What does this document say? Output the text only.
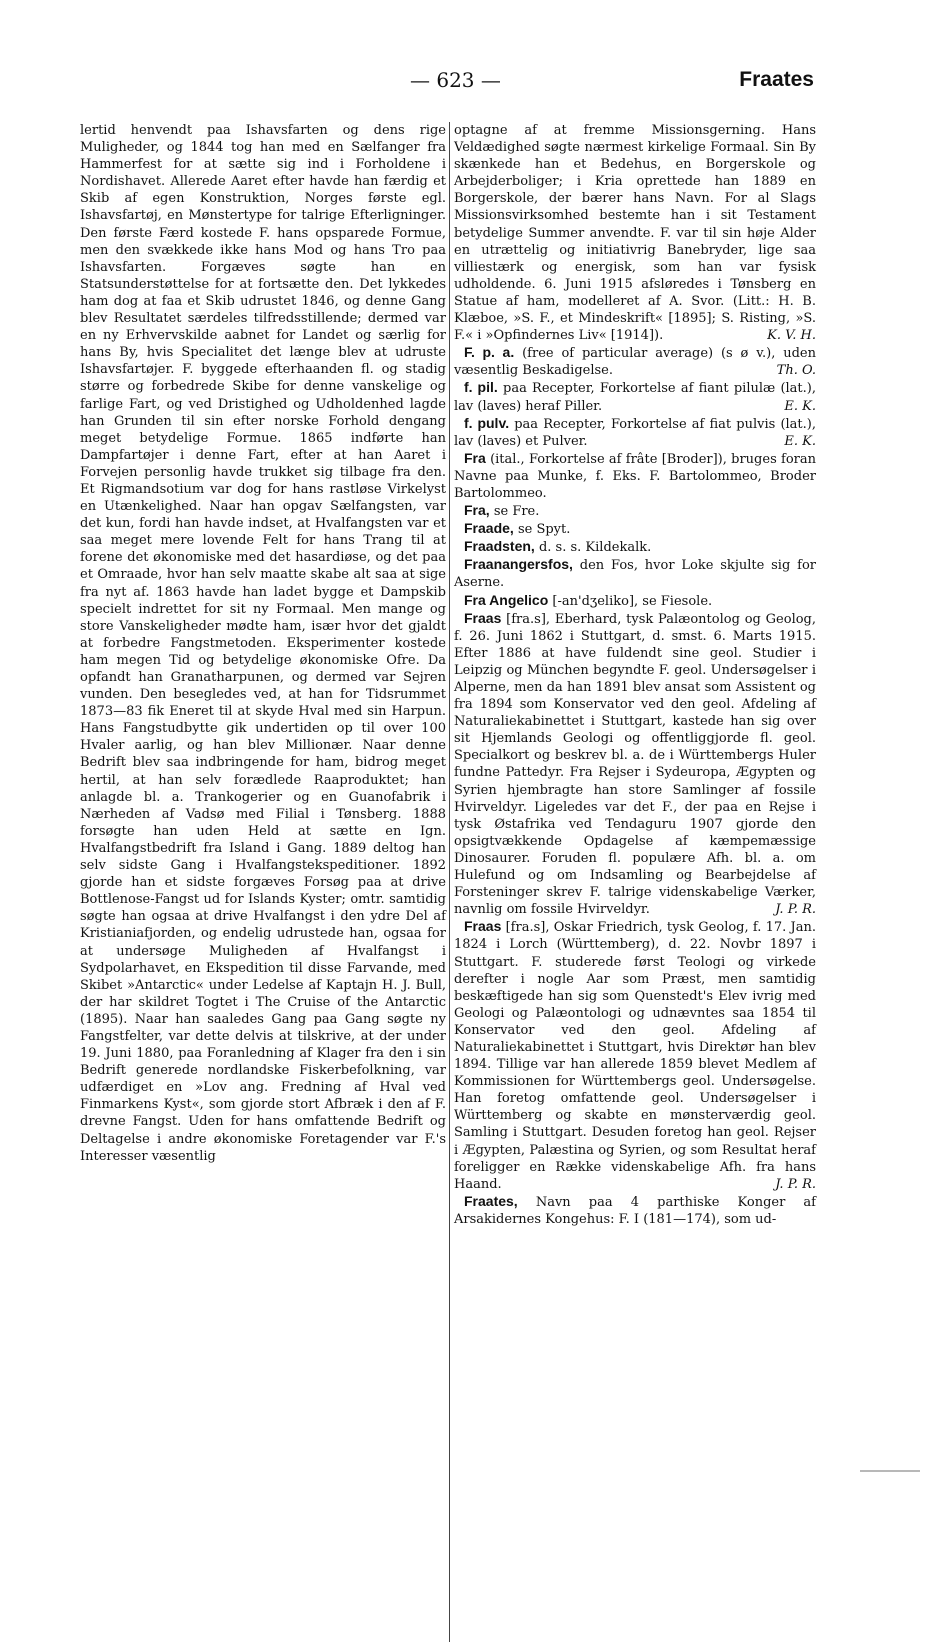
— 623 —	Fraates

lertid henvendt paa Ishavsfarten og dens rige Muligheder, og 1844 tog han med en Sælfanger fra Hammerfest for at sætte sig ind i Forholdene i Nordishavet. Allerede Aaret efter havde han færdig et Skib af egen Konstruktion, Norges første egl. Ishavsfartøj, en Mønstertype for talrige Efterligninger. Den første Færd kostede F. hans opsparede Formue, men den svækkede ikke hans Mod og hans Tro paa Ishavsfarten. Forgæves søgte han en Statsunderstøttelse for at fortsætte den. Det lykkedes ham dog at faa et Skib udrustet 1846, og denne Gang blev Resultatet særdeles tilfredsstillende; dermed var en ny Erhvervskilde aabnet for Landet og særlig for hans By, hvis Specialitet det længe blev at udruste Ishavsfartøjer. F. byggede efterhaanden fl. og stadig større og forbedrede Skibe for denne vanskelige og farlige Fart, og ved Dristighed og Udholdenhed lagde han Grunden til sin efter norske Forhold dengang meget betydelige Formue. 1865 indførte han Dampfartøjer i denne Fart, efter at han Aaret i Forvejen personlig havde trukket sig tilbage fra den. Et Rigmandsotium var dog for hans rastløse Virkelyst en Utænkelighed. Naar han opgav Sælfangsten, var det kun, fordi han havde indset, at Hvalfangsten var et saa meget mere lovende Felt for hans Trang til at forene det økonomiske med det hasardiøse, og det paa et Omraade, hvor han selv maatte skabe alt saa at sige fra nyt af. 1863 havde han ladet bygge et Dampskib specielt indrettet for sit ny Formaal. Men mange og store Vanskeligheder mødte ham, især hvor det gjaldt at forbedre Fangstmetoden. Eksperimenter kostede ham megen Tid og betydelige økonomiske Ofre. Da opfandt han Granatharpunen, og dermed var Sejren vunden. Den besegledes ved, at han for Tidsrummet 1873—83 fik Eneret til at skyde Hval med sin Harpun. Hans Fangstudbytte gik undertiden op til over 100 Hvaler aarlig, og han blev Millionær. Naar denne Bedrift blev saa indbringende for ham, bidrog meget hertil, at han selv forædlede Raaproduktet; han anlagde bl. a. Trankogerier og en Guanofabrik i Nærheden af Vadsø med Filial i Tønsberg. 1888 forsøgte han uden Held at sætte en Ign. Hvalfangstbedrift fra Island i Gang. 1889 deltog han selv sidste Gang i Hvalfangstekspeditioner. 1892 gjorde han et sidste forgæves Forsøg paa at drive Bottlenose-Fangst ud for Islands Kyster; omtr. samtidig søgte han ogsaa at drive Hvalfangst i den ydre Del af Kristianiafjorden, og endelig udrustede han, ogsaa for at undersøge Muligheden af Hvalfangst i Sydpolarhavet, en Ekspedition til disse Farvande, med Skibet »Antarctic« under Ledelse af Kaptajn H. J. Bull, der har skildret Togtet i The Cruise of the Antarctic (1895). Naar han saaledes Gang paa Gang søgte ny Fangstfelter, var dette delvis at tilskrive, at der under 19. Juni 1880, paa Foranledning af Klager fra den i sin Bedrift generede nordlandske Fiskerbefolkning, var udfærdiget en »Lov ang. Fredning af Hval ved Finmarkens Kyst«, som gjorde stort Afbræk i den af F. drevne Fangst. Uden for hans omfattende Bedrift og Deltagelse i andre økonomiske Foretagender var F.'s Interesser væsentlig

optagne af at fremme Missionsgerning. Hans Veldædighed søgte nærmest kirkelige Formaal. Sin By skænkede han et Bedehus, en Borgerskole og Arbejderboliger; i Kria oprettede han 1889 en Borgerskole, der bærer hans Navn. For al Slags Missionsvirksomhed bestemte han i sit Testament betydelige Summer anvendte. F. var til sin høje Alder en utrættelig og initiativrig Banebryder, lige saa villiestærk og energisk, som han var fysisk udholdende. 6. Juni 1915 afsløredes i Tønsberg en Statue af ham, modelleret af A. Svor. (Litt.: H. B. Klæboe, »S. F., et Mindeskrift« [1895]; S. Risting, »S. F.« i »Opfindernes Liv« [1914]).	K. V. H.

F. p. a. (free of particular average) (s ø v.), uden væsentlig Beskadigelse.	Th. O.

f. pil. paa Recepter, Forkortelse af fiant pilulæ (lat.), lav (laves) heraf Piller.	E. K.

f. pulv. paa Recepter, Forkortelse af fiat pulvis (lat.), lav (laves) et Pulver.	E. K.

Fra (ital., Forkortelse af frâte [Broder]), bruges foran Navne paa Munke, f. Eks. F. Bartolommeo, Broder Bartolommeo.

Fra, se Fre.

Fraade, se Spyt.

Fraadsten, d. s. s. Kildekalk.

Fraanangersfos, den Fos, hvor Loke skjulte sig for Aserne.

Fra Angelico [-an'dʒeliko], se Fiesole.

Fraas [fra.s], Eberhard, tysk Palæontolog og Geolog, f. 26. Juni 1862 i Stuttgart, d. smst. 6. Marts 1915. Efter 1886 at have fuldendt sine geol. Studier i Leipzig og München begyndte F. geol. Undersøgelser i Alperne, men da han 1891 blev ansat som Assistent og fra 1894 som Konservator ved den geol. Afdeling af Naturaliekabinettet i Stuttgart, kastede han sig over sit Hjemlands Geologi og offentliggjorde fl. geol. Specialkort og beskrev bl. a. de i Württembergs Huler fundne Pattedyr. Fra Rejser i Sydeuropa, Ægypten og Syrien hjembragte han store Samlinger af fossile Hvirveldyr. Ligeledes var det F., der paa en Rejse i tysk Østafrika ved Tendaguru 1907 gjorde den opsigtvækkende Opdagelse af kæmpemæssige Dinosaurer. Foruden fl. populære Afh. bl. a. om Hulefund og om Indsamling og Bearbejdelse af Forsteninger skrev F. talrige videnskabelige Værker, navnlig om fossile Hvirveldyr.	J. P. R.

Fraas [fra.s], Oskar Friedrich, tysk Geolog, f. 17. Jan. 1824 i Lorch (Württemberg), d. 22. Novbr 1897 i Stuttgart. F. studerede først Teologi og virkede derefter i nogle Aar som Præst, men samtidig beskæftigede han sig som Quenstedt's Elev ivrig med Geologi og Palæontologi og udnævntes saa 1854 til Konservator ved den geol. Afdeling af Naturaliekabinettet i Stuttgart, hvis Direktør han blev 1894. Tillige var han allerede 1859 blevet Medlem af Kommissionen for Württembergs geol. Undersøgelse. Han foretog omfattende geol. Undersøgelser i Württemberg og skabte en mønsterværdig geol. Samling i Stuttgart. Desuden foretog han geol. Rejser i Ægypten, Palæstina og Syrien, og som Resultat heraf foreligger en Række videnskabelige Afh. fra hans Haand.	J. P. R.

Fraates, Navn paa 4 parthiske Konger af Arsakidernes Kongehus: F. I (181—174), som ud-
